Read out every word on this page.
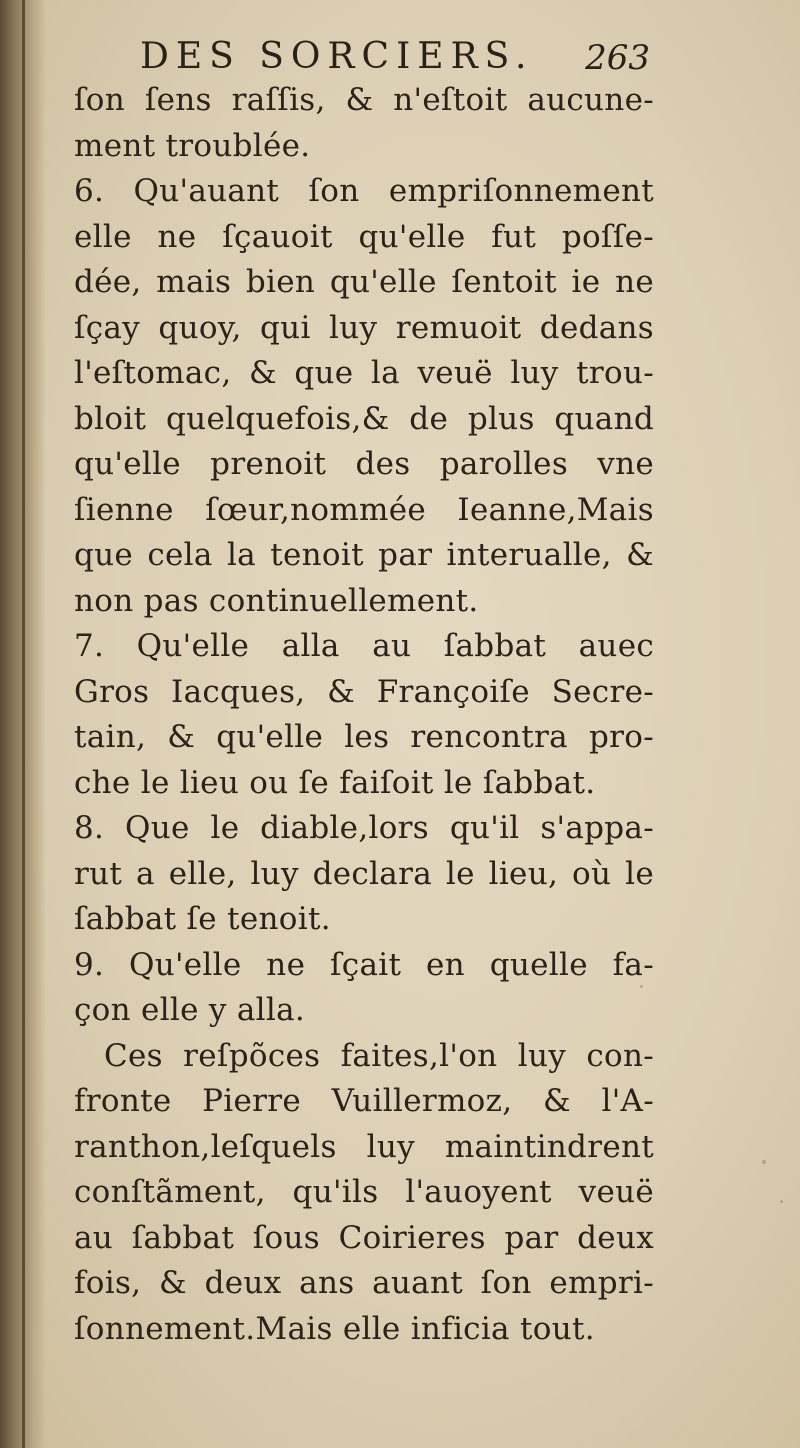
DES SORCIERS. 263
ſon ſens raſſis, & n'eſtoit aucune-
ment troublée.
6. Qu'auant ſon empriſonnement
elle ne ſçauoit qu'elle fut poſſe-
dée, mais bien qu'elle ſentoit ie ne
ſçay quoy, qui luy remuoit dedans
l'eſtomac, & que la veuë luy trou-
bloit quelquefois,& de plus quand
qu'elle prenoit des parolles vne
ſienne ſœur,nommée Ieanne,Mais
que cela la tenoit par interualle, &
non pas continuellement.
7. Qu'elle alla au ſabbat auec
Gros Iacques, & Françoiſe Secre-
tain, & qu'elle les rencontra pro-
che le lieu ou ſe faiſoit le ſabbat.
8. Que le diable,lors qu'il s'appa-
rut a elle, luy declara le lieu, où le
ſabbat ſe tenoit.
9. Qu'elle ne ſçait en quelle fa-
çon elle y alla.
Ces reſpõces faites,l'on luy con-
fronte Pierre Vuillermoz, & l'A-
ranthon,leſquels luy maintindrent
conſtãment, qu'ils l'auoyent veuë
au ſabbat ſous Coirieres par deux
fois, & deux ans auant ſon empri-
ſonnement.Mais elle inficia tout.
